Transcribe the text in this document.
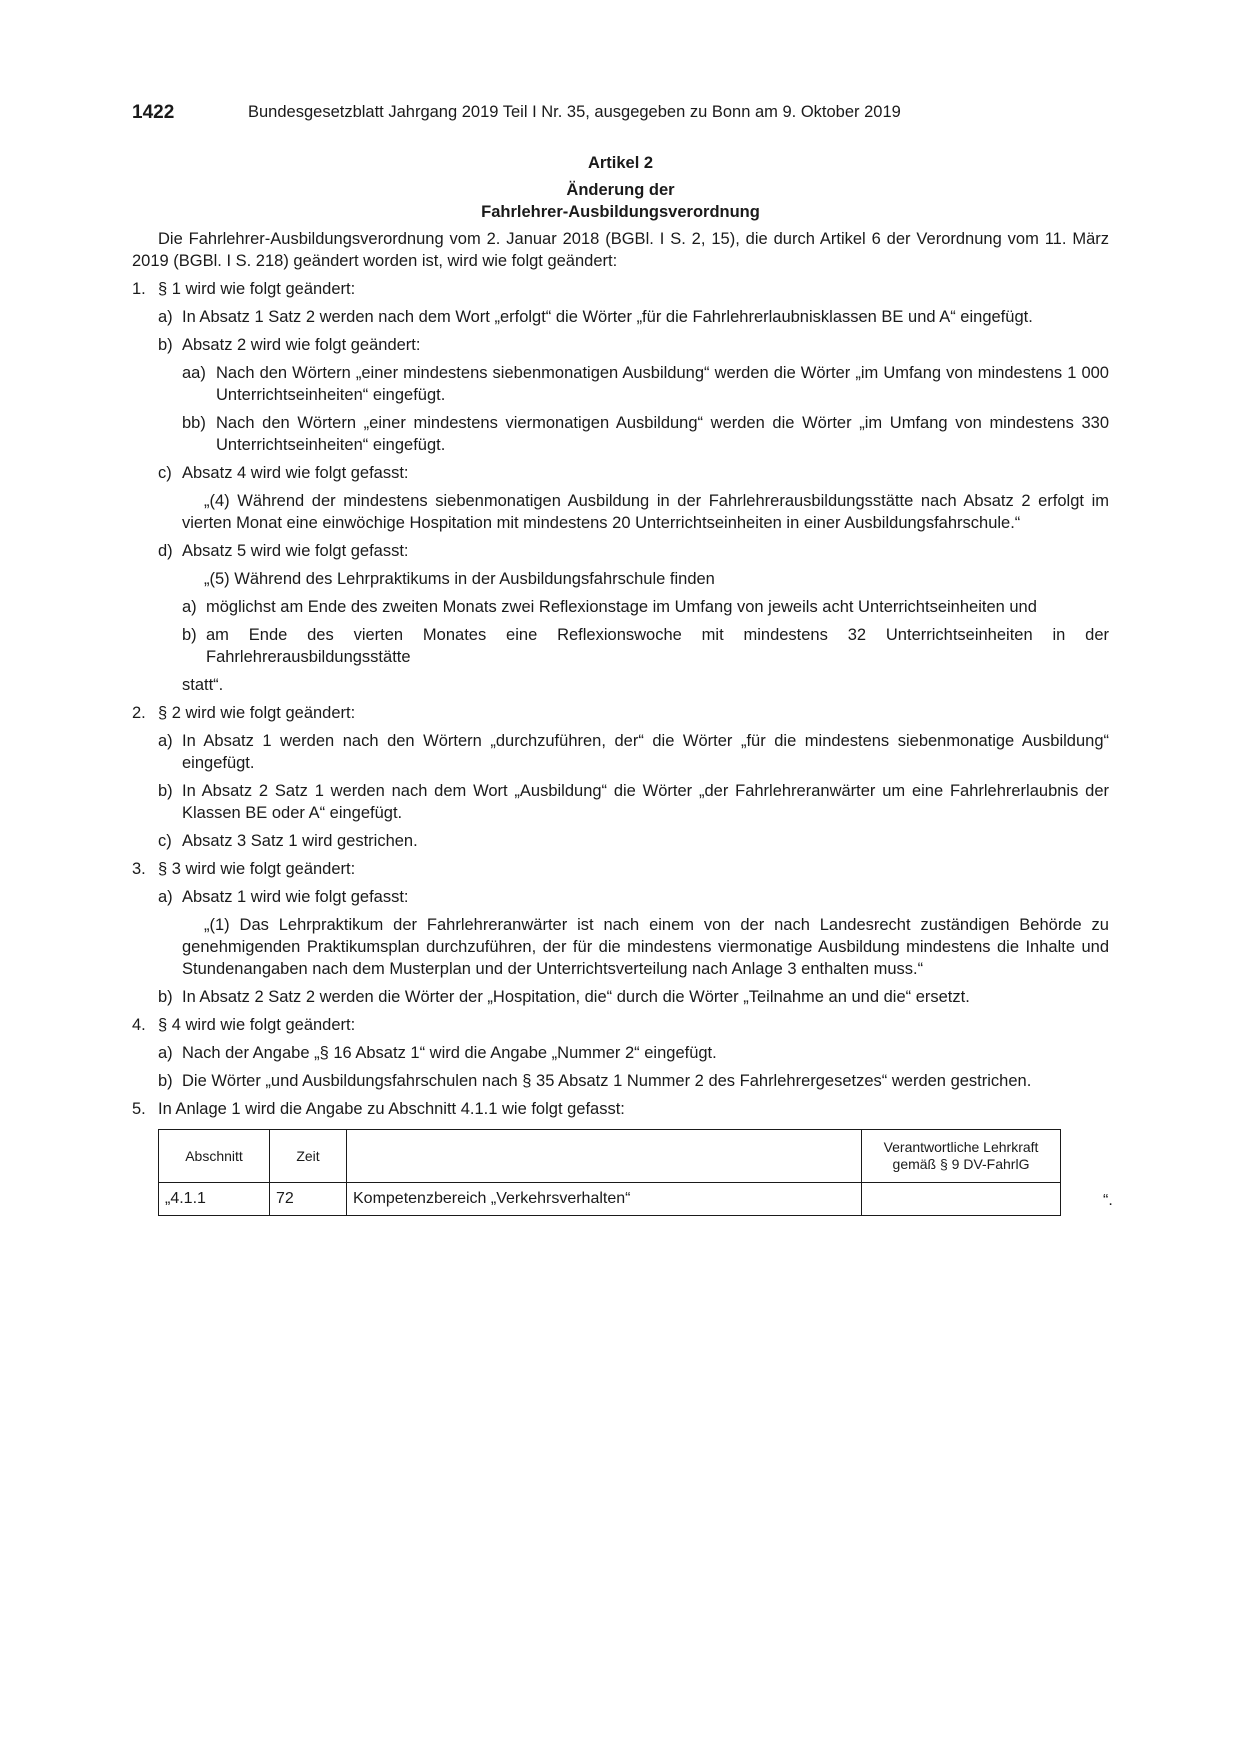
1422	Bundesgesetzblatt Jahrgang 2019 Teil I Nr. 35, ausgegeben zu Bonn am 9. Oktober 2019

Artikel 2

Änderung der

Fahrlehrer-Ausbildungsverordnung

Die Fahrlehrer-Ausbildungsverordnung vom 2. Januar 2018 (BGBl. I S. 2, 15), die durch Artikel 6 der Verordnung vom 11. März 2019 (BGBl. I S. 218) geändert worden ist, wird wie folgt geändert:

1. § 1 wird wie folgt geändert:
a) In Absatz 1 Satz 2 werden nach dem Wort „erfolgt“ die Wörter „für die Fahrlehrerlaubnisklassen BE und A“ eingefügt.
b) Absatz 2 wird wie folgt geändert:
aa) Nach den Wörtern „einer mindestens siebenmonatigen Ausbildung“ werden die Wörter „im Umfang von mindestens 1 000 Unterrichtseinheiten“ eingefügt.
bb) Nach den Wörtern „einer mindestens viermonatigen Ausbildung“ werden die Wörter „im Umfang von mindestens 330 Unterrichtseinheiten“ eingefügt.
c) Absatz 4 wird wie folgt gefasst:

„(4) Während der mindestens siebenmonatigen Ausbildung in der Fahrlehrerausbildungsstätte nach Absatz 2 erfolgt im vierten Monat eine einwöchige Hospitation mit mindestens 20 Unterrichtseinheiten in einer Ausbildungsfahrschule.“

d) Absatz 5 wird wie folgt gefasst:

„(5) Während des Lehrpraktikums in der Ausbildungsfahrschule finden

a) möglichst am Ende des zweiten Monats zwei Reflexionstage im Umfang von jeweils acht Unterrichtseinheiten und
b) am Ende des vierten Monates eine Reflexionswoche mit mindestens 32 Unterrichtseinheiten in der Fahrlehrerausbildungsstätte

statt“.

2. § 2 wird wie folgt geändert:
a) In Absatz 1 werden nach den Wörtern „durchzuführen, der“ die Wörter „für die mindestens siebenmonatige Ausbildung“ eingefügt.
b) In Absatz 2 Satz 1 werden nach dem Wort „Ausbildung“ die Wörter „der Fahrlehreranwärter um eine Fahrlehrerlaubnis der Klassen BE oder A“ eingefügt.
c) Absatz 3 Satz 1 wird gestrichen.
3. § 3 wird wie folgt geändert:
a) Absatz 1 wird wie folgt gefasst:

„(1) Das Lehrpraktikum der Fahrlehreranwärter ist nach einem von der nach Landesrecht zuständigen Behörde zu genehmigenden Praktikumsplan durchzuführen, der für die mindestens viermonatige Ausbildung mindestens die Inhalte und Stundenangaben nach dem Musterplan und der Unterrichtsverteilung nach Anlage 3 enthalten muss.“

b) In Absatz 2 Satz 2 werden die Wörter der „Hospitation, die“ durch die Wörter „Teilnahme an und die“ ersetzt.
4. § 4 wird wie folgt geändert:
a) Nach der Angabe „§ 16 Absatz 1“ wird die Angabe „Nummer 2“ eingefügt.
b) Die Wörter „und Ausbildungsfahrschulen nach § 35 Absatz 1 Nummer 2 des Fahrlehrergesetzes“ werden gestrichen.
5. In Anlage 1 wird die Angabe zu Abschnitt 4.1.1 wie folgt gefasst:
Abschnitt	Zeit		Verantwortliche Lehrkraft gemäß § 9 DV-FahrlG
„4.1.1	72	Kompetenzbereich „Verkehrsverhalten“		“.
